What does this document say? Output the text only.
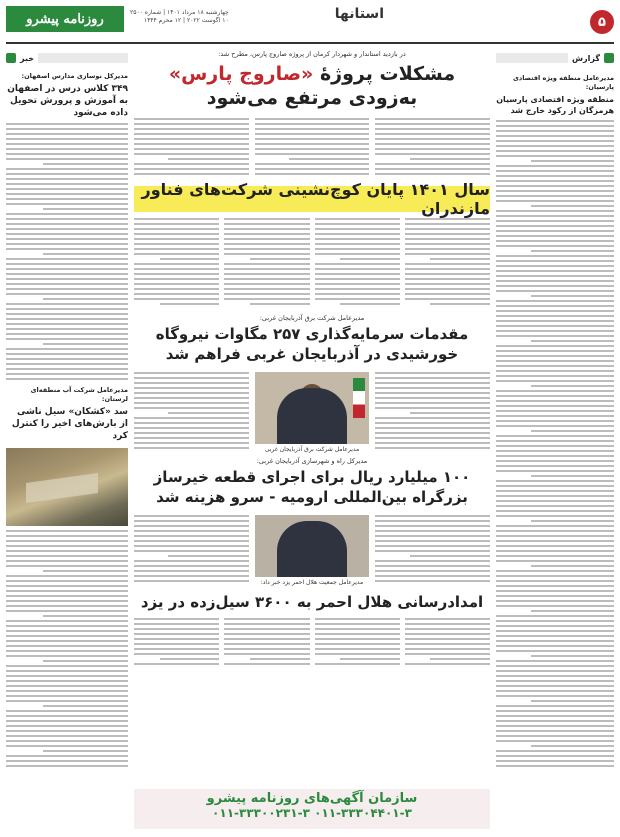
۵
استانها
چهارشنبه ۱۸ مرداد ۱۴۰۱ | شماره ۲۵۰۰
۱۰ اگوست ۲۰۲۲ | ۱۲ محرم ۱۴۴۴
روزنامه پیشرو
گزارش
مدیرعامل منطقه ویژه اقتصادی پارسیان:
منطقه ویژه اقتصادی پارسیان هرمزگان از رکود خارج شد
خبر
مدیرکل نوسازی مدارس اصفهان:
۳۴۹ کلاس درس در اصفهان به آموزش و پرورش تحویل داده می‌شود
مدیرعامل شرکت آب منطقه‌ای لرستان:
سد «کشکان» سیل ناشی از بارش‌های اخیر را کنترل کرد
در بازدید استاندار و شهردار کرمان از پروژه صاروج پارس، مطرح شد:
مشکلات پروژۀ «صاروج پارس» به‌زودی مرتفع می‌شود
سال ۱۴۰۱ پایان کوچ‌نشینی شرکت‌های فناور مازندران
مدیرعامل شرکت برق آذربایجان غربی:
مقدمات سرمایه‌گذاری ۲۵۷ مگاوات نیروگاه خورشیدی در آذربایجان غربی فراهم شد
مدیرعامل شرکت برق آذربایجان غربی
مدیرکل راه و شهرسازی آذربایجان غربی:
۱۰۰ میلیارد ریال برای اجرای قطعه خیرساز بزرگراه بین‌المللی ارومیه - سرو هزینه شد
مدیرعامل جمعیت هلال احمر یزد خبر داد:
امدادرسانی هلال احمر به ۳۶۰۰ سیل‌زده در یزد
سازمان آگهی‌های روزنامه پیشرو
۰۱۱-۳۳۳۰۰۲۳۱-۳ ۰۱۱-۳۳۳۰۴۴۰۱-۳
